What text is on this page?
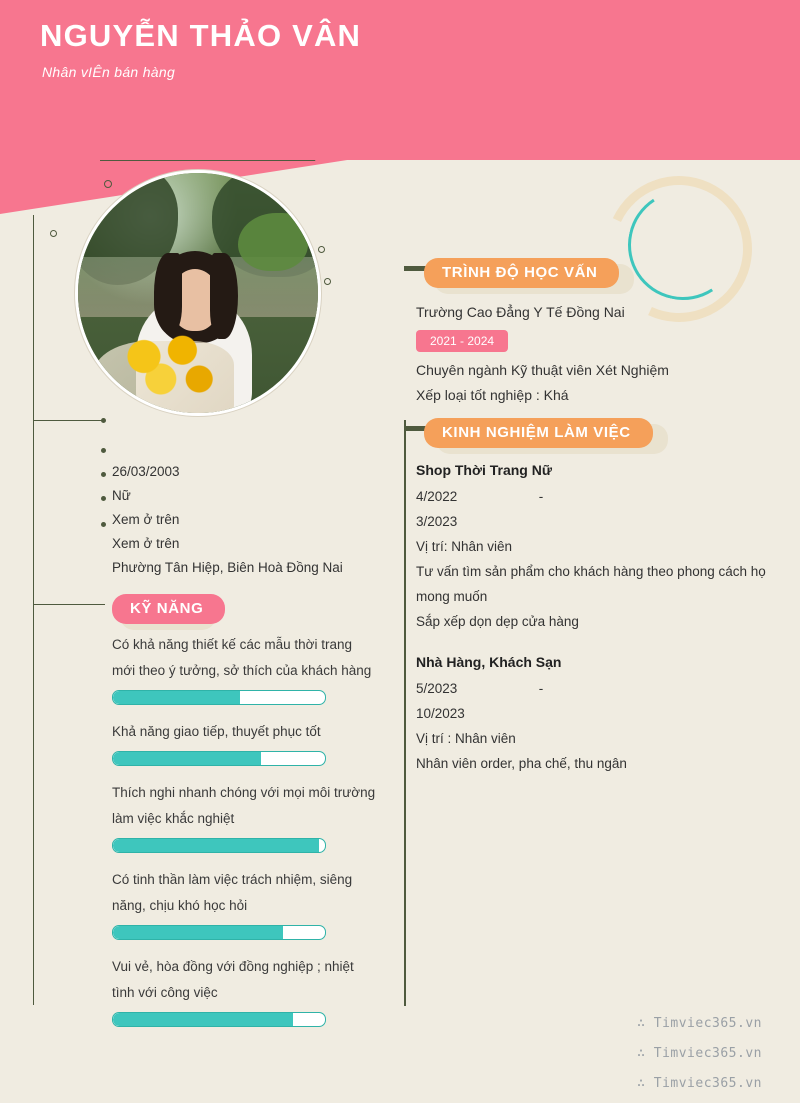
NGUYỄN THẢO VÂN
Nhân vIÊn bán hàng
TRÌNH ĐỘ HỌC VẤN
KINH NGHIỆM LÀM VIỆC
KỸ NĂNG
26/03/2003
Nữ
Xem ở trên
Xem ở trên
Phường Tân Hiệp, Biên Hoà Đồng Nai
Có khả năng thiết kế các mẫu thời trang mới theo ý tưởng, sở thích của khách hàng
Khả năng giao tiếp, thuyết phục tốt
Thích nghi nhanh chóng với mọi môi trường làm việc khắc nghiệt
Có tinh thần làm việc trách nhiệm, siêng năng, chịu khó học hỏi
Vui vẻ, hòa đồng với đồng nghiệp ; nhiệt tình với công việc
Trường Cao Đẳng Y Tế Đồng Nai
2021 - 2024
Chuyên ngành Kỹ thuật viên Xét Nghiệm
Xếp loại tốt nghiệp : Khá
Shop Thời Trang Nữ
4/2022	-
3/2023
Vị trí: Nhân viên
Tư vấn tìm sản phẩm cho khách hàng theo phong cách họ mong muốn
Sắp xếp dọn dẹp cửa hàng
Nhà Hàng, Khách Sạn
5/2023	-
10/2023
Vị trí : Nhân viên
Nhân viên order, pha chế, thu ngân
∴ Timviec365.vn
∴ Timviec365.vn
∴ Timviec365.vn
